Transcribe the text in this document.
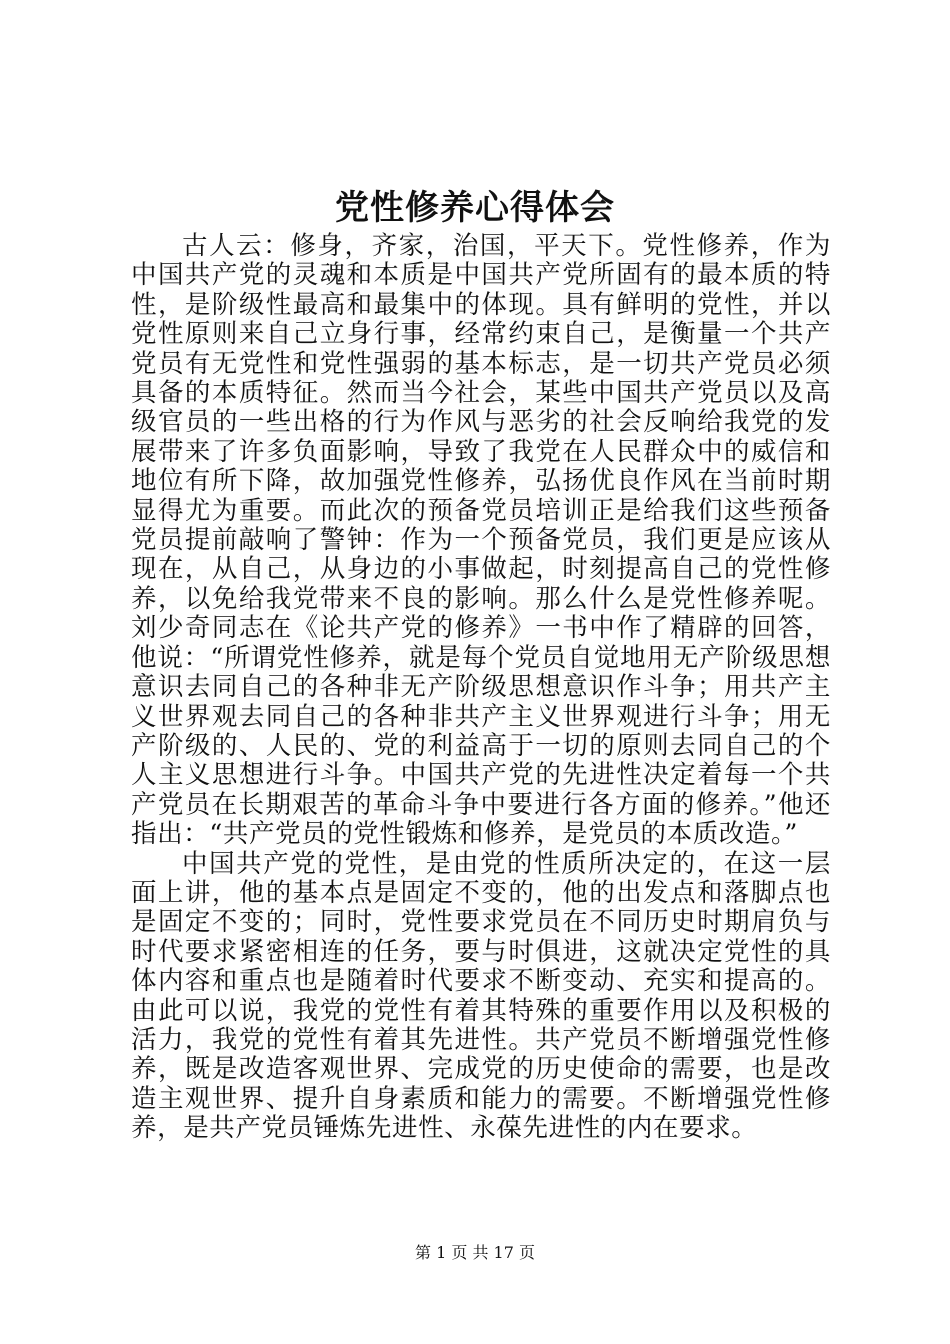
党性修养心得体会

古人云：修身，齐家，治国，平天下。党性修养，作为中国共产党的灵魂和本质是中国共产党所固有的最本质的特性，是阶级性最高和最集中的体现。具有鲜明的党性，并以党性原则来自己立身行事，经常约束自己，是衡量一个共产党员有无党性和党性强弱的基本标志，是一切共产党员必须具备的本质特征。然而当今社会，某些中国共产党员以及高级官员的一些出格的行为作风与恶劣的社会反响给我党的发展带来了许多负面影响，导致了我党在人民群众中的威信和地位有所下降，故加强党性修养，弘扬优良作风在当前时期显得尤为重要。而此次的预备党员培训正是给我们这些预备党员提前敲响了警钟：作为一个预备党员，我们更是应该从现在，从自己，从身边的小事做起，时刻提高自己的党性修养，以免给我党带来不良的影响。那么什么是党性修养呢。刘少奇同志在《论共产党的修养》一书中作了精辟的回答，他说：“所谓党性修养，就是每个党员自觉地用无产阶级思想意识去同自己的各种非无产阶级思想意识作斗争；用共产主义世界观去同自己的各种非共产主义世界观进行斗争；用无产阶级的、人民的、党的利益高于一切的原则去同自己的个人主义思想进行斗争。中国共产党的先进性决定着每一个共产党员在长期艰苦的革命斗争中要进行各方面的修养。”他还指出：“共产党员的党性锻炼和修养，是党员的本质改造。”

中国共产党的党性，是由党的性质所决定的，在这一层面上讲，他的基本点是固定不变的，他的出发点和落脚点也是固定不变的；同时，党性要求党员在不同历史时期肩负与时代要求紧密相连的任务，要与时俱进，这就决定党性的具体内容和重点也是随着时代要求不断变动、充实和提高的。由此可以说，我党的党性有着其特殊的重要作用以及积极的活力，我党的党性有着其先进性。共产党员不断增强党性修养，既是改造客观世界、完成党的历史使命的需要，也是改造主观世界、提升自身素质和能力的需要。不断增强党性修养，是共产党员锤炼先进性、永葆先进性的内在要求。

第 1 页 共 17 页
